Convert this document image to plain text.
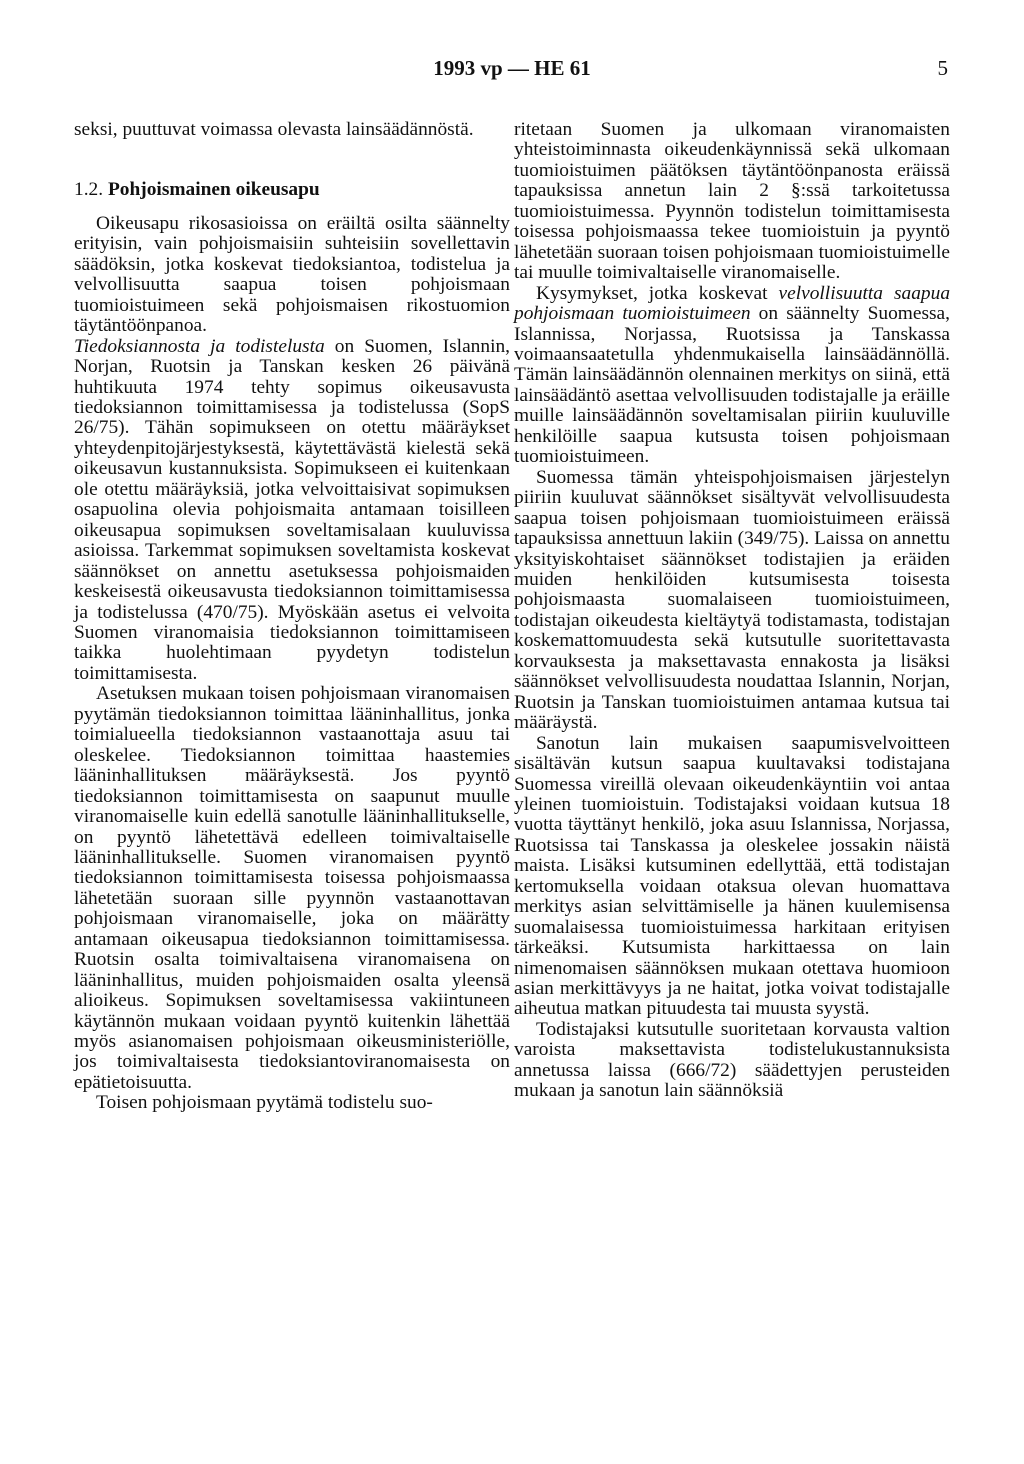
1993 vp — HE 61	5

seksi, puuttuvat voimassa olevasta lainsäädännöstä.

1.2. Pohjoismainen oikeusapu

Oikeusapu rikosasioissa on eräiltä osilta säännelty erityisin, vain pohjoismaisiin suhteisiin sovellettavin säädöksin, jotka koskevat tiedoksiantoa, todistelua ja velvollisuutta saapua toisen pohjoismaan tuomioistuimeen sekä pohjoismaisen rikostuomion täytäntöönpanoa.

Tiedoksiannosta ja todistelusta on Suomen, Islannin, Norjan, Ruotsin ja Tanskan kesken 26 päivänä huhtikuuta 1974 tehty sopimus oikeusavusta tiedoksiannon toimittamisessa ja todistelussa (SopS 26/75). Tähän sopimukseen on otettu määräykset yhteydenpitojärjestyksestä, käytettävästä kielestä sekä oikeusavun kustannuksista. Sopimukseen ei kuitenkaan ole otettu määräyksiä, jotka velvoittaisivat sopimuksen osapuolina olevia pohjoismaita antamaan toisilleen oikeusapua sopimuksen soveltamisalaan kuuluvissa asioissa. Tarkemmat sopimuksen soveltamista koskevat säännökset on annettu asetuksessa pohjoismaiden keskeisestä oikeusavusta tiedoksiannon toimittamisessa ja todistelussa (470/75). Myöskään asetus ei velvoita Suomen viranomaisia tiedoksiannon toimittamiseen taikka huolehtimaan pyydetyn todistelun toimittamisesta.

Asetuksen mukaan toisen pohjoismaan viranomaisen pyytämän tiedoksiannon toimittaa lääninhallitus, jonka toimialueella tiedoksiannon vastaanottaja asuu tai oleskelee. Tiedoksiannon toimittaa haastemies lääninhallituksen määräyksestä. Jos pyyntö tiedoksiannon toimittamisesta on saapunut muulle viranomaiselle kuin edellä sanotulle lääninhallitukselle, on pyyntö lähetettävä edelleen toimivaltaiselle lääninhallitukselle. Suomen viranomaisen pyyntö tiedoksiannon toimittamisesta toisessa pohjoismaassa lähetetään suoraan sille pyynnön vastaanottavan pohjoismaan viranomaiselle, joka on määrätty antamaan oikeusapua tiedoksiannon toimittamisessa. Ruotsin osalta toimivaltaisena viranomaisena on lääninhallitus, muiden pohjoismaiden osalta yleensä alioikeus. Sopimuksen soveltamisessa vakiintuneen käytännön mukaan voidaan pyyntö kuitenkin lähettää myös asianomaisen pohjoismaan oikeusministeriölle, jos toimivaltaisesta tiedoksiantoviranomaisesta on epätietoisuutta.

Toisen pohjoismaan pyytämä todistelu suo-

ritetaan Suomen ja ulkomaan viranomaisten yhteistoiminnasta oikeudenkäynnissä sekä ulkomaan tuomioistuimen päätöksen täytäntöönpanosta eräissä tapauksissa annetun lain 2 §:ssä tarkoitetussa tuomioistuimessa. Pyynnön todistelun toimittamisesta toisessa pohjoismaassa tekee tuomioistuin ja pyyntö lähetetään suoraan toisen pohjoismaan tuomioistuimelle tai muulle toimivaltaiselle viranomaiselle.

Kysymykset, jotka koskevat velvollisuutta saapua pohjoismaan tuomioistuimeen on säännelty Suomessa, Islannissa, Norjassa, Ruotsissa ja Tanskassa voimaansaatetulla yhdenmukaisella lainsäädännöllä. Tämän lainsäädännön olennainen merkitys on siinä, että lainsäädäntö asettaa velvollisuuden todistajalle ja eräille muille lainsäädännön soveltamisalan piiriin kuuluville henkilöille saapua kutsusta toisen pohjoismaan tuomioistuimeen.

Suomessa tämän yhteispohjoismaisen järjestelyn piiriin kuuluvat säännökset sisältyvät velvollisuudesta saapua toisen pohjoismaan tuomioistuimeen eräissä tapauksissa annettuun lakiin (349/75). Laissa on annettu yksityiskohtaiset säännökset todistajien ja eräiden muiden henkilöiden kutsumisesta toisesta pohjoismaasta suomalaiseen tuomioistuimeen, todistajan oikeudesta kieltäytyä todistamasta, todistajan koskemattomuudesta sekä kutsutulle suoritettavasta korvauksesta ja maksettavasta ennakosta ja lisäksi säännökset velvollisuudesta noudattaa Islannin, Norjan, Ruotsin ja Tanskan tuomioistuimen antamaa kutsua tai määräystä.

Sanotun lain mukaisen saapumisvelvoitteen sisältävän kutsun saapua kuultavaksi todistajana Suomessa vireillä olevaan oikeudenkäyntiin voi antaa yleinen tuomioistuin. Todistajaksi voidaan kutsua 18 vuotta täyttänyt henkilö, joka asuu Islannissa, Norjassa, Ruotsissa tai Tanskassa ja oleskelee jossakin näistä maista. Lisäksi kutsuminen edellyttää, että todistajan kertomuksella voidaan otaksua olevan huomattava merkitys asian selvittämiselle ja hänen kuulemisensa suomalaisessa tuomioistuimessa harkitaan erityisen tärkeäksi. Kutsumista harkittaessa on lain nimenomaisen säännöksen mukaan otettava huomioon asian merkittävyys ja ne haitat, jotka voivat todistajalle aiheutua matkan pituudesta tai muusta syystä.

Todistajaksi kutsutulle suoritetaan korvausta valtion varoista maksettavista todistelukustannuksista annetussa laissa (666/72) säädettyjen perusteiden mukaan ja sanotun lain säännöksiä
